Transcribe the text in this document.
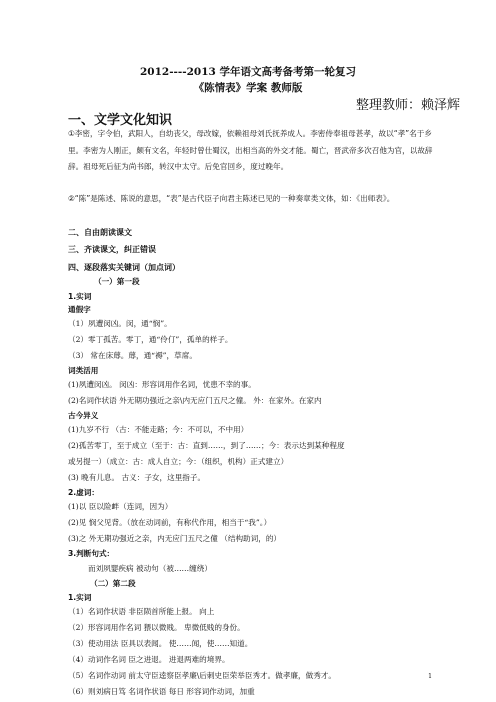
2012----2013 学年语文高考备考第一轮复习
《陈情表》学案 教师版
整理教师：赖泽辉
一、文学文化知识
①李密，字令伯，武阳人，自幼丧父，母改嫁，依赖祖母刘氏抚养成人。李密侍奉祖母甚孝，故以“孝”名于乡里。李密为人刚正，颇有文名，年轻时曾仕蜀汉，出相当高的外交才能。蜀亡，晋武帝多次召他为官，以故辞辞。祖母死后征为尚书郎，转汉中太守。后免官回乡，度过晚年。
②“陈”是陈述、陈说的意思，“表”是古代臣子向君主陈述已见的一种奏章类文体，如：《出师表》。
二、自由朗读课文
三、齐读课文，纠正错误
四、逐段落实关键词（加点词）
（一）第一段
1.实词
通假字
（1）夙遭闵凶。闵，通“悯”。
（2）零丁孤苦。零丁，通“伶仃”，孤单的样子。
（3） 常在床蓐。蓐，通“褥”，草席。
词类活用
(1)夙遭闵凶。 闵凶：形容词用作名词，忧患不幸的事。
(2)名词作状语 外无期功强近之亲\内无应门五尺之僮。 外：在家外。在家内
古今异义
(1)九岁不行 （古：不能走路；今：不可以，不中用）
(2)孤苦零丁，至于成立（至于：古：直到……，到了……；今：表示达到某种程度
或另提一）（成立：古：成人自立；今：（组织，机构）正式建立）
(3) 晚有儿息。 古义：子女，这里指子。
2.虚词：
(1)以 臣以险衅（连词，因为）
(2)见 悯父见背。（放在动词前，有称代作用，相当于“我”。）
(3)之 外无期功强近之亲，内无应门五尺之僮 （结构助词，的）
3.判断句式：
而刘夙婴疾病 被动句（被……缠绕）
（二）第二段
1.实词
（1）名词作状语 非臣陨首所能上报。 向上
（2）形容词用作名词 猥以微贱。 卑微低贱的身份。
（3）使动用法 臣具以表闻。 使……闻，使……知道。
（4）动词作名词 臣之进退。 进退两难的境界。
（5）名词作动词 前太守臣逵察臣孝廉\后刺史臣荣举臣秀才。做孝廉，做秀才。
（6）则刘病日笃 名词作状语 每日 形容词作动词，加重
1
